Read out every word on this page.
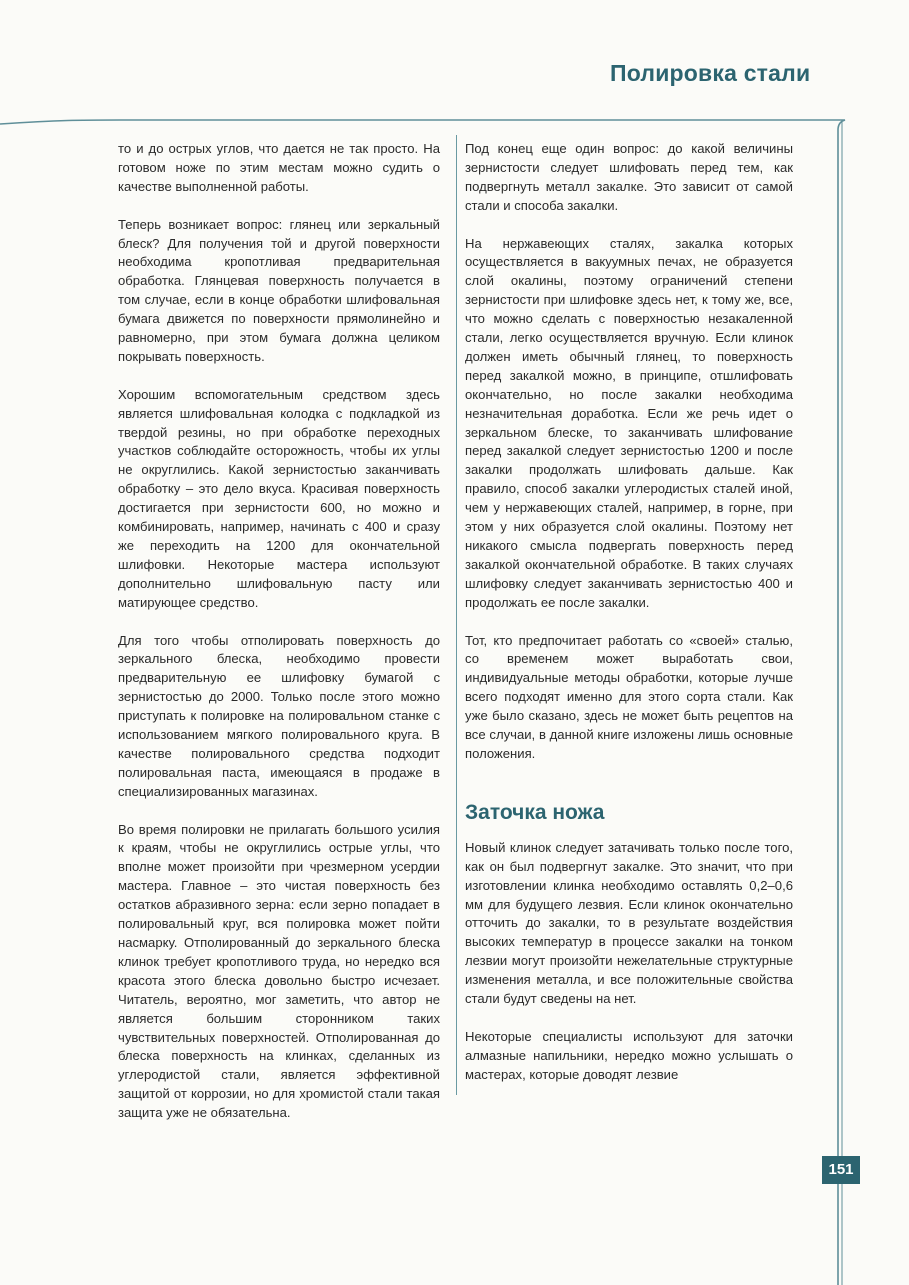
Полировка стали

то и до острых углов, что дается не так просто. На готовом ноже по этим местам можно судить о качестве выполненной работы.

Теперь возникает вопрос: глянец или зеркальный блеск? Для получения той и другой поверхности необходима кропотливая предварительная обработка. Глянцевая поверхность получается в том случае, если в конце обработки шлифовальная бумага движется по поверхности прямолинейно и равномерно, при этом бумага должна целиком покрывать поверхность.

Хорошим вспомогательным средством здесь является шлифовальная колодка с подкладкой из твердой резины, но при обработке переходных участков соблюдайте осторожность, чтобы их углы не округлились. Какой зернистостью заканчивать обработку – это дело вкуса. Красивая поверхность достигается при зернистости 600, но можно и комбинировать, например, начинать с 400 и сразу же переходить на 1200 для окончательной шлифовки. Некоторые мастера используют дополнительно шлифовальную пасту или матирующее средство.

Для того чтобы отполировать поверхность до зеркального блеска, необходимо провести предварительную ее шлифовку бумагой с зернистостью до 2000. Только после этого можно приступать к полировке на полировальном станке с использованием мягкого полировального круга. В качестве полировального средства подходит полировальная паста, имеющаяся в продаже в специализированных магазинах.

Во время полировки не прилагать большого усилия к краям, чтобы не округлились острые углы, что вполне может произойти при чрезмерном усердии мастера. Главное – это чистая поверхность без остатков абразивного зерна: если зерно попадает в полировальный круг, вся полировка может пойти насмарку. Отполированный до зеркального блеска клинок требует кропотливого труда, но нередко вся красота этого блеска довольно быстро исчезает. Читатель, вероятно, мог заметить, что автор не является большим сторонником таких чувствительных поверхностей. Отполированная до блеска поверхность на клинках, сделанных из углеродистой стали, является эффективной защитой от коррозии, но для хромистой стали такая защита уже не обязательна.

Под конец еще один вопрос: до какой величины зернистости следует шлифовать перед тем, как подвергнуть металл закалке. Это зависит от самой стали и способа закалки.

На нержавеющих сталях, закалка которых осуществляется в вакуумных печах, не образуется слой окалины, поэтому ограничений степени зернистости при шлифовке здесь нет, к тому же, все, что можно сделать с поверхностью незакаленной стали, легко осуществляется вручную. Если клинок должен иметь обычный глянец, то поверхность перед закалкой можно, в принципе, отшлифовать окончательно, но после закалки необходима незначительная доработка. Если же речь идет о зеркальном блеске, то заканчивать шлифование перед закалкой следует зернистостью 1200 и после закалки продолжать шлифовать дальше. Как правило, способ закалки углеродистых сталей иной, чем у нержавеющих сталей, например, в горне, при этом у них образуется слой окалины. Поэтому нет никакого смысла подвергать поверхность перед закалкой окончательной обработке. В таких случаях шлифовку следует заканчивать зернистостью 400 и продолжать ее после закалки.

Тот, кто предпочитает работать со «своей» сталью, со временем может выработать свои, индивидуальные методы обработки, которые лучше всего подходят именно для этого сорта стали. Как уже было сказано, здесь не может быть рецептов на все случаи, в данной книге изложены лишь основные положения.

Заточка ножа

Новый клинок следует затачивать только после того, как он был подвергнут закалке. Это значит, что при изготовлении клинка необходимо оставлять 0,2–0,6 мм для будущего лезвия. Если клинок окончательно отточить до закалки, то в результате воздействия высоких температур в процессе закалки на тонком лезвии могут произойти нежелательные структурные изменения металла, и все положительные свойства стали будут сведены на нет.

Некоторые специалисты используют для заточки алмазные напильники, нередко можно услышать о мастерах, которые доводят лезвие

151
